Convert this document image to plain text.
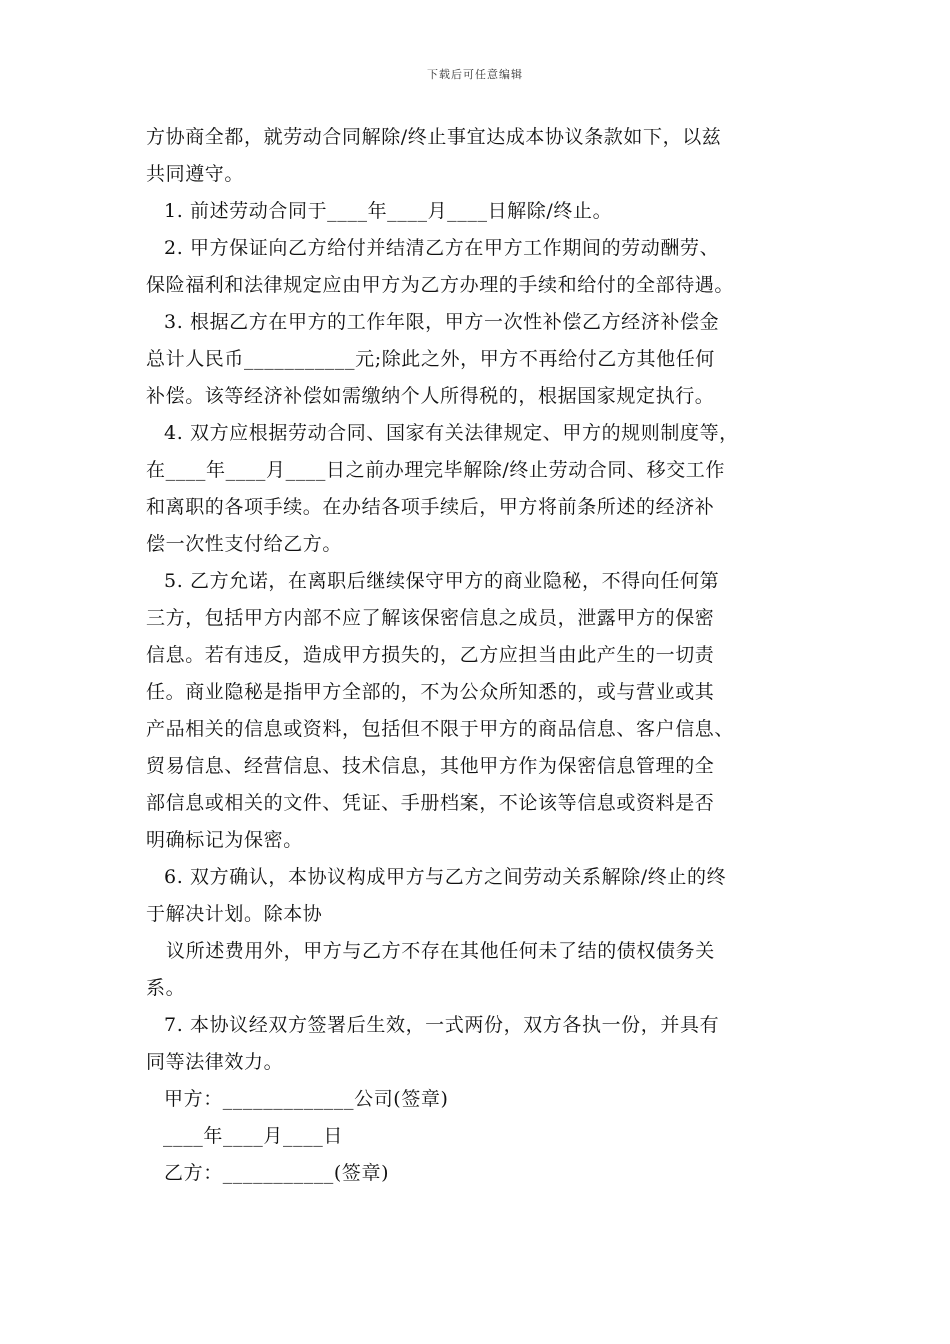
下载后可任意编辑
方协商全都，就劳动合同解除/终止事宜达成本协议条款如下，以兹
共同遵守。
1. 前述劳动合同于____年____月____日解除/终止。
2. 甲方保证向乙方给付并结清乙方在甲方工作期间的劳动酬劳、
保险福利和法律规定应由甲方为乙方办理的手续和给付的全部待遇。
3. 根据乙方在甲方的工作年限，甲方一次性补偿乙方经济补偿金
总计人民币___________元;除此之外，甲方不再给付乙方其他任何
补偿。该等经济补偿如需缴纳个人所得税的，根据国家规定执行。
4. 双方应根据劳动合同、国家有关法律规定、甲方的规则制度等，
在____年____月____日之前办理完毕解除/终止劳动合同、移交工作
和离职的各项手续。在办结各项手续后，甲方将前条所述的经济补
偿一次性支付给乙方。
5. 乙方允诺，在离职后继续保守甲方的商业隐秘，不得向任何第
三方，包括甲方内部不应了解该保密信息之成员，泄露甲方的保密
信息。若有违反，造成甲方损失的，乙方应担当由此产生的一切责
任。商业隐秘是指甲方全部的，不为公众所知悉的，或与营业或其
产品相关的信息或资料，包括但不限于甲方的商品信息、客户信息、
贸易信息、经营信息、技术信息，其他甲方作为保密信息管理的全
部信息或相关的文件、凭证、手册档案，不论该等信息或资料是否
明确标记为保密。
6. 双方确认，本协议构成甲方与乙方之间劳动关系解除/终止的终
于解决计划。除本协
议所述费用外，甲方与乙方不存在其他任何未了结的债权债务关
系。
7. 本协议经双方签署后生效，一式两份，双方各执一份，并具有
同等法律效力。
甲方：_____________公司(签章)
____年____月____日
乙方：___________(签章)
